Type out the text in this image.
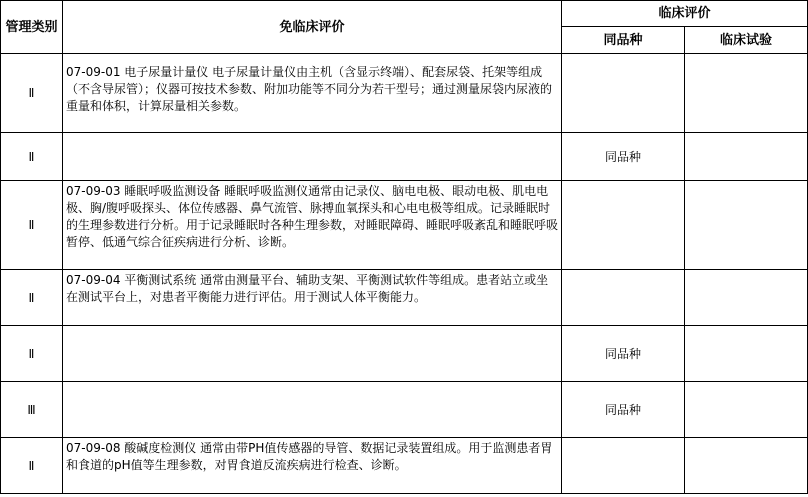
管理类别	免临床评价	临床评价	
		同品种	临床试验
Ⅱ	07-09-01 电子尿量计量仪 电子尿量计量仪由主机（含显示终端）、配套尿袋、托架等组成（不含导尿管）；仪器可按技术参数、附加功能等不同分为若干型号；通过测量尿袋内尿液的重量和体积，计算尿量相关参数。		
Ⅱ		同品种	
Ⅱ	07-09-03 睡眠呼吸监测设备 睡眠呼吸监测仪通常由记录仪、脑电电极、眼动电极、肌电电极、胸/腹呼吸探头、体位传感器、鼻气流管、脉搏血氧探头和心电电极等组成。记录睡眠时的生理参数进行分析。用于记录睡眠时各种生理参数，对睡眠障碍、睡眠呼吸紊乱和睡眠呼吸暂停、低通气综合征疾病进行分析、诊断。		
Ⅱ	07-09-04 平衡测试系统 通常由测量平台、辅助支架、平衡测试软件等组成。患者站立或坐在测试平台上，对患者平衡能力进行评估。用于测试人体平衡能力。		
Ⅱ		同品种	
Ⅲ		同品种	
Ⅱ	07-09-08 酸碱度检测仪 通常由带PH值传感器的导管、数据记录装置组成。用于监测患者胃和食道的pH值等生理参数，对胃食道反流疾病进行检查、诊断。		
